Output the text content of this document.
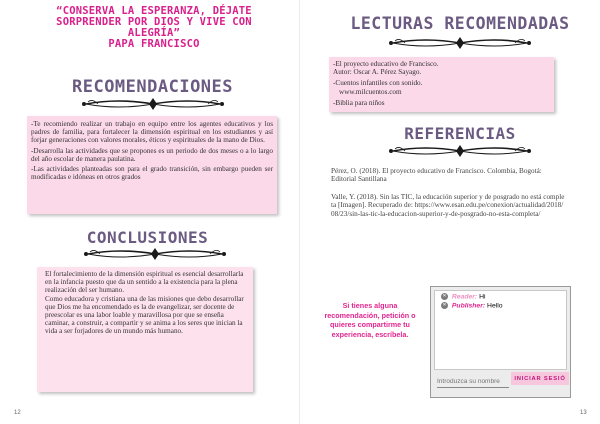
“CONSERVA LA ESPERANZA, DÉJATE
SORPRENDER POR DIOS Y VIVE CON
ALEGRÍA”
PAPA FRANCISCO
RECOMENDACIONES

-Te recomiendo realizar un trabajo en equipo entre los agentes educativos y los padres de familia, para fortalecer la dimensión espiritual en los estudiantes y así forjar generaciones con valores morales, éticos y espirituales de la mano de Dios.

-Desarrolla las actividades que se propones es un periodo de dos meses o a lo largo del año escolar de manera paulatina.

-Las actividades planteadas son para el grado transición, sin embargo pueden ser modificadas e idóneas en otros grados

CONCLUSIONES

El fortalecimiento de la dimensión espiritual es esencial desarrollarla en la infancia puesto que da un sentido a la existencia para la plena realización del ser humano.

Como educadora y cristiana una de las misiones que debo desarrollar que Dios me ha encomendado es la de evangelizar, ser docente de preescolar es una labor loable y maravillosa por que se enseña caminar, a construir, a compartir y se anima a los seres que inician la vida a ser forjadores de un mundo más humano.

12
LECTURAS RECOMENDADAS
-El proyecto educativo de Francisco.
Autor: Oscar A. Pérez Sayago.
-Cuentos infantiles con sonido.
www.milcuentos.com
-Biblia para niños
REFERENCIAS
13

Pérez, O. (2018). El proyecto educativo de Francisco. Colombia, Bogotá: Editorial Santillana

Valle, Y. (2018). Sin las TIC, la educación superior y de posgrado no está completa [Imagen]. Recuperado de: https://www.esan.edu.pe/conexion/actualidad/2018/08/23/sin-las-tic-la-educacion-superior-y-de-posgrado-no-esta-completa/

Si tienes alguna recomendación, petición o quieres compartirme tu experiencia, escríbela.
✕ Reader: Hi
✕ Publisher: Hello
Introduzca su nombre
INICIAR SESIÓ
